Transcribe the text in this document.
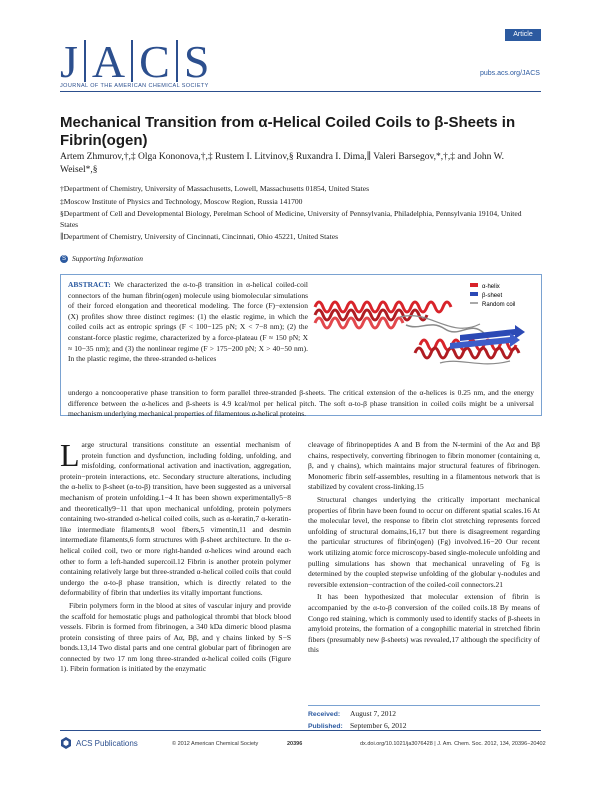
J A C S
JOURNAL OF THE AMERICAN CHEMICAL SOCIETY
Article
pubs.acs.org/JACS
Mechanical Transition from α-Helical Coiled Coils to β-Sheets in Fibrin(ogen)
Artem Zhmurov,†,‡ Olga Kononova,†,‡ Rustem I. Litvinov,§ Ruxandra I. Dima,∥ Valeri Barsegov,*,†,‡ and John W. Weisel*,§
†Department of Chemistry, University of Massachusetts, Lowell, Massachusetts 01854, United States
‡Moscow Institute of Physics and Technology, Moscow Region, Russia 141700
§Department of Cell and Developmental Biology, Perelman School of Medicine, University of Pennsylvania, Philadelphia, Pennsylvania 19104, United States
∥Department of Chemistry, University of Cincinnati, Cincinnati, Ohio 45221, United States
S Supporting Information
ABSTRACT: We characterized the α-to-β transition in α-helical coiled-coil connectors of the human fibrin(ogen) molecule using biomolecular simulations of their forced elongation and theoretical modeling. The force (F)−extension (X) profiles show three distinct regimes: (1) the elastic regime, in which the coiled coils act as entropic springs (F < 100−125 pN; X < 7−8 nm); (2) the constant-force plastic regime, characterized by a force-plateau (F ≈ 150 pN; X ≈ 10−35 nm); and (3) the nonlinear regime (F > 175−200 pN; X > 40−50 nm). In the plastic regime, the three-stranded α-helices
undergo a noncooperative phase transition to form parallel three-stranded β-sheets. The critical extension of the α-helices is 0.25 nm, and the energy difference between the α-helices and β-sheets is 4.9 kcal/mol per helical pitch. The soft α-to-β phase transition in coiled coils might be a universal mechanism underlying mechanical properties of filamentous α-helical proteins.
α-helix
β-sheet
Random coil

Large structural transitions constitute an essential mechanism of protein function and dysfunction, including folding, unfolding, and misfolding, conformational activation and inactivation, aggregation, protein−protein interactions, etc. Secondary structure alterations, including the α-helix to β-sheet (α-to-β) transition, have been suggested as a universal mechanism of protein unfolding.1−4 It has been shown experimentally5−8 and theoretically9−11 that upon mechanical unfolding, protein polymers containing two-stranded α-helical coiled coils, such as α-keratin,7 α-keratin-like intermediate filaments,8 wool fibers,5 vimentin,11 and desmin intermediate filaments,6 form structures with β-sheet architecture. In the α-helical coiled coil, two or more right-handed α-helices wind around each other to form a left-handed supercoil.12 Fibrin is another protein polymer containing relatively large but three-stranded α-helical coiled coils that could undergo the α-to-β phase transition, which is directly related to the deformability of fibrin that underlies its vitally important functions.

Fibrin polymers form in the blood at sites of vascular injury and provide the scaffold for hemostatic plugs and pathological thrombi that block blood vessels. Fibrin is formed from fibrinogen, a 340 kDa dimeric blood plasma protein consisting of three pairs of Aα, Bβ, and γ chains linked by S−S bonds.13,14 Two distal parts and one central globular part of fibrinogen are connected by two 17 nm long three-stranded α-helical coiled coils (Figure 1). Fibrin formation is initiated by the enzymatic

cleavage of fibrinopeptides A and B from the N-termini of the Aα and Bβ chains, respectively, converting fibrinogen to fibrin monomer (containing α, β, and γ chains), which maintains major structural features of fibrinogen. Monomeric fibrin self-assembles, resulting in a filamentous network that is stabilized by covalent cross-linking.15

Structural changes underlying the critically important mechanical properties of fibrin have been found to occur on different spatial scales.16 At the molecular level, the response to fibrin clot stretching represents forced unfolding of structural domains,16,17 but there is disagreement regarding the particular structures of fibrin(ogen) (Fg) involved.16−20 Our recent work utilizing atomic force microscopy-based single-molecule unfolding and pulling simulations has shown that mechanical unraveling of Fg is determined by the coupled stepwise unfolding of the globular γ-nodules and reversible extension−contraction of the coiled-coil connectors.21

It has been hypothesized that molecular extension of fibrin is accompanied by the α-to-β conversion of the coiled coils.18 By means of Congo red staining, which is commonly used to identify stacks of β-sheets in amyloid proteins, the formation of a congophilic material in stretched fibrin fibers (presumably new β-sheets) was revealed,17 although the specificity of this

Received: August 7, 2012
Published: September 6, 2012
ACS Publications	© 2012 American Chemical Society	20396	dx.doi.org/10.1021/ja3076428 | J. Am. Chem. Soc. 2012, 134, 20396−20402
